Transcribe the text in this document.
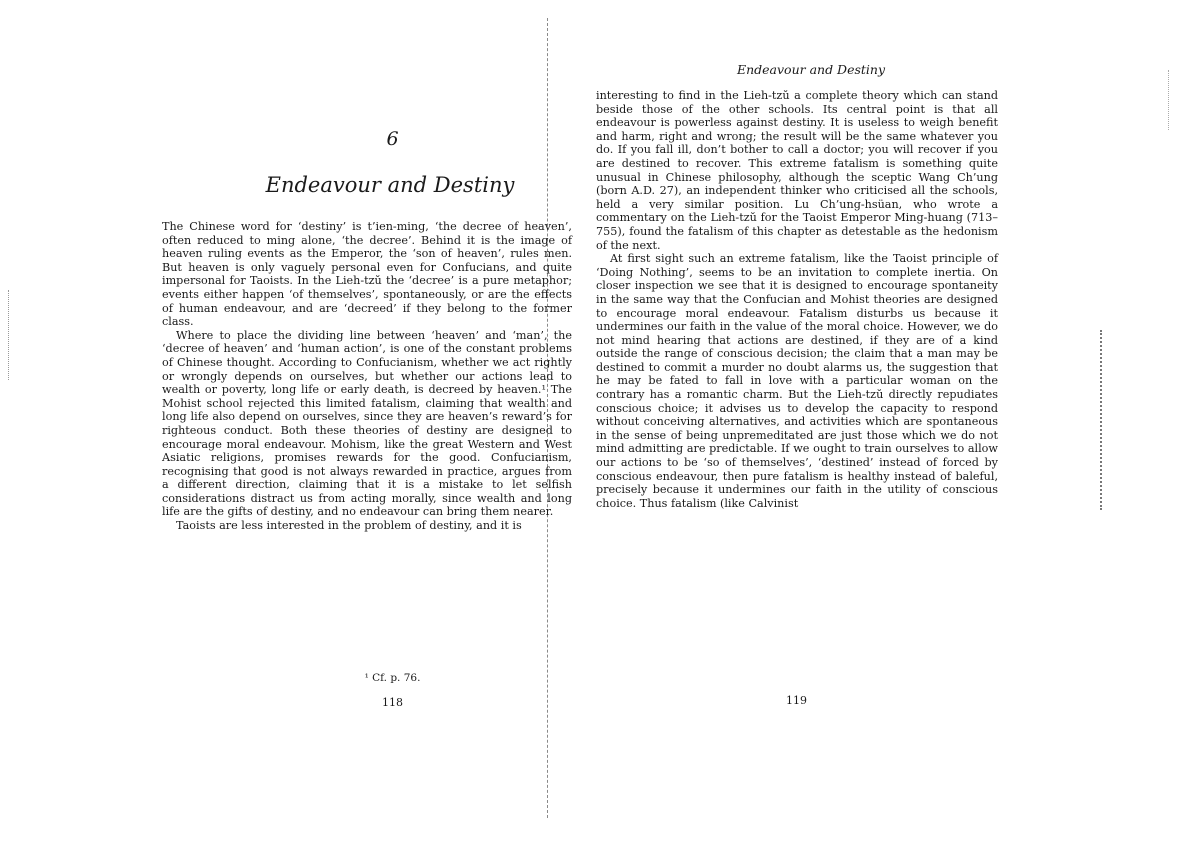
6
Endeavour and Destiny

The Chinese word for ‘destiny’ is t’ien-ming, ‘the decree of heaven’, often reduced to ming alone, ‘the decree’. Behind it is the image of heaven ruling events as the Emperor, the ‘son of heaven’, rules men. But heaven is only vaguely personal even for Confucians, and quite impersonal for Taoists. In the Lieh-tzŭ the ‘decree’ is a pure metaphor; events either happen ‘of themselves’, spontaneously, or are the effects of human endeavour, and are ‘decreed’ if they belong to the former class.

Where to place the dividing line between ‘heaven’ and ‘man’, the ‘decree of heaven’ and ‘human action’, is one of the constant problems of Chinese thought. According to Confucianism, whether we act rightly or wrongly depends on ourselves, but whether our actions lead to wealth or poverty, long life or early death, is decreed by heaven.¹ The Mohist school rejected this limited fatalism, claiming that wealth and long life also depend on ourselves, since they are heaven’s reward’s for righteous conduct. Both these theories of destiny are designed to encourage moral endeavour. Mohism, like the great Western and West Asiatic religions, promises rewards for the good. Confucianism, recognising that good is not always rewarded in practice, argues from a different direction, claiming that it is a mistake to let selfish considerations distract us from acting morally, since wealth and long life are the gifts of destiny, and no endeavour can bring them nearer.

Taoists are less interested in the problem of destiny, and it is

¹ Cf. p. 76.
118
Endeavour and Destiny

interesting to find in the Lieh-tzŭ a complete theory which can stand beside those of the other schools. Its central point is that all endeavour is powerless against destiny. It is useless to weigh benefit and harm, right and wrong; the result will be the same whatever you do. If you fall ill, don’t bother to call a doctor; you will recover if you are destined to recover. This extreme fatalism is something quite unusual in Chinese philosophy, although the sceptic Wang Ch’ung (born A.D. 27), an independent thinker who criticised all the schools, held a very similar position. Lu Ch’ung-hsüan, who wrote a commentary on the Lieh-tzŭ for the Taoist Emperor Ming-huang (713–755), found the fatalism of this chapter as detestable as the hedonism of the next.

At first sight such an extreme fatalism, like the Taoist principle of ‘Doing Nothing’, seems to be an invitation to complete inertia. On closer inspection we see that it is designed to encourage spontaneity in the same way that the Confucian and Mohist theories are designed to encourage moral endeavour. Fatalism disturbs us because it undermines our faith in the value of the moral choice. However, we do not mind hearing that actions are destined, if they are of a kind outside the range of conscious decision; the claim that a man may be destined to commit a murder no doubt alarms us, the suggestion that he may be fated to fall in love with a particular woman on the contrary has a romantic charm. But the Lieh-tzŭ directly repudiates conscious choice; it advises us to develop the capacity to respond without conceiving alternatives, and activities which are spontaneous in the sense of being unpremeditated are just those which we do not mind admitting are predictable. If we ought to train ourselves to allow our actions to be ‘so of themselves’, ‘destined’ instead of forced by conscious endeavour, then pure fatalism is healthy instead of baleful, precisely because it undermines our faith in the utility of conscious choice. Thus fatalism (like Calvinist

119
